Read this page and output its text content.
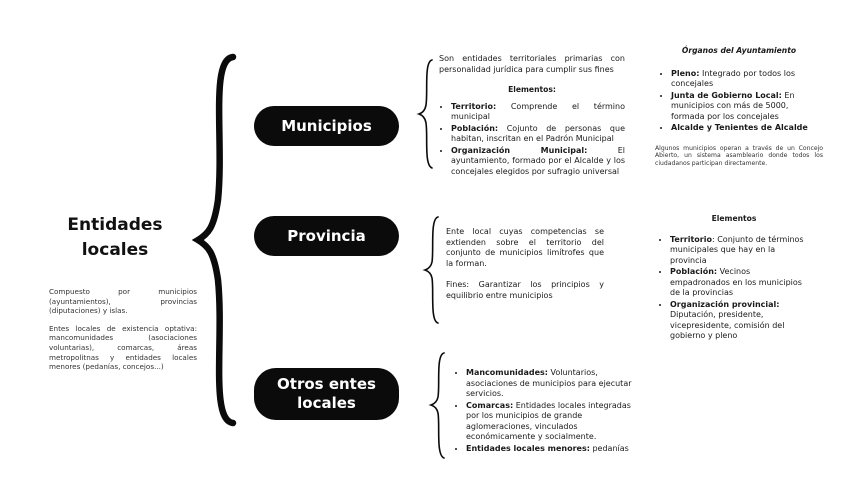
Entidades locales

Compuesto por municipios (ayuntamientos), provincias (diputaciones) y islas.

Entes locales de existencia optativa: mancomunidades (asociaciones voluntarias), comarcas, áreas metropolitnas y entidades locales menores (pedanías, concejos...)

Municipios
Provincia
Otros entes locales

Son entidades territoriales primarias con personalidad jurídica para cumplir sus fines

Elementos:
• Territorio: Comprende el término municipal
• Población: Cojunto de personas que habitan, inscritan en el Padrón Municipal
• Organización Municipal: El ayuntamiento, formado por el Alcalde y los concejales elegidos por sufragio universal
Órganos del Ayuntamiento
• Pleno: Integrado por todos los concejales
• Junta de Gobierno Local: En municipios con más de 5000, formada por los concejales
• Alcalde y Tenientes de Alcalde
Algunos municipios operan a través de un Concejo Abierto, un sistema asambleario donde todos los ciudadanos participan directamente.

Ente local cuyas competencias se extienden sobre el territorio del conjunto de municipios limítrofes que la forman.

Fines: Garantizar los principios y equilibrio entre municipios

Elementos
• Territorio: Conjunto de términos municipales que hay en la provincia
• Población: Vecinos empadronados en los municipios de la provincias
• Organización provincial: Diputación, presidente, vicepresidente, comisión del gobierno y pleno
• Mancomunidades: Voluntarios, asociaciones de municipios para ejecutar servicios.
• Comarcas: Entidades locales integradas por los municipios de grande aglomeraciones, vinculados económicamente y socialmente.
• Entidades locales menores: pedanías
